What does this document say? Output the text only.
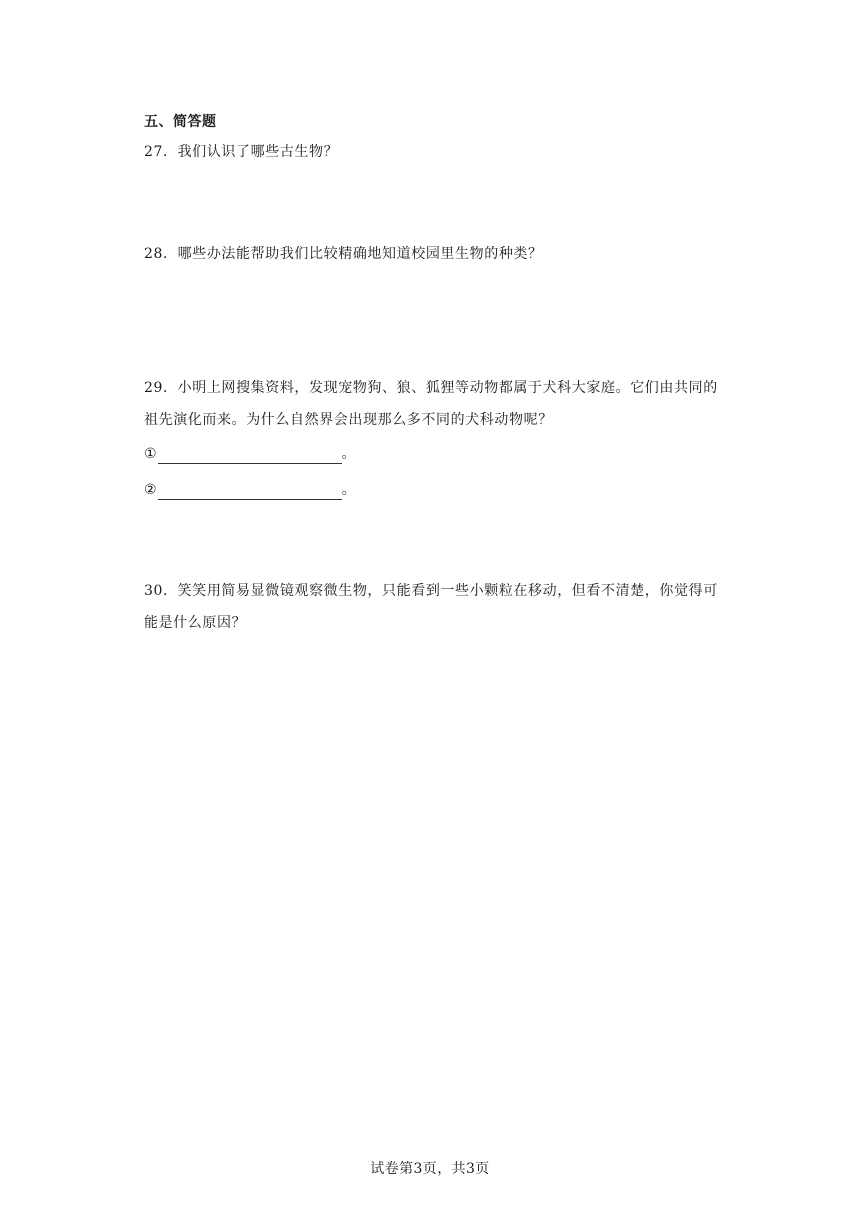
五、简答题
27．我们认识了哪些古生物？
28．哪些办法能帮助我们比较精确地知道校园里生物的种类？
29．小明上网搜集资料，发现宠物狗、狼、狐狸等动物都属于犬科大家庭。它们由共同的祖先演化而来。为什么自然界会出现那么多不同的犬科动物呢？
①	。
②	。
30．笑笑用简易显微镜观察微生物，只能看到一些小颗粒在移动，但看不清楚，你觉得可能是什么原因？
试卷第3页，共3页
